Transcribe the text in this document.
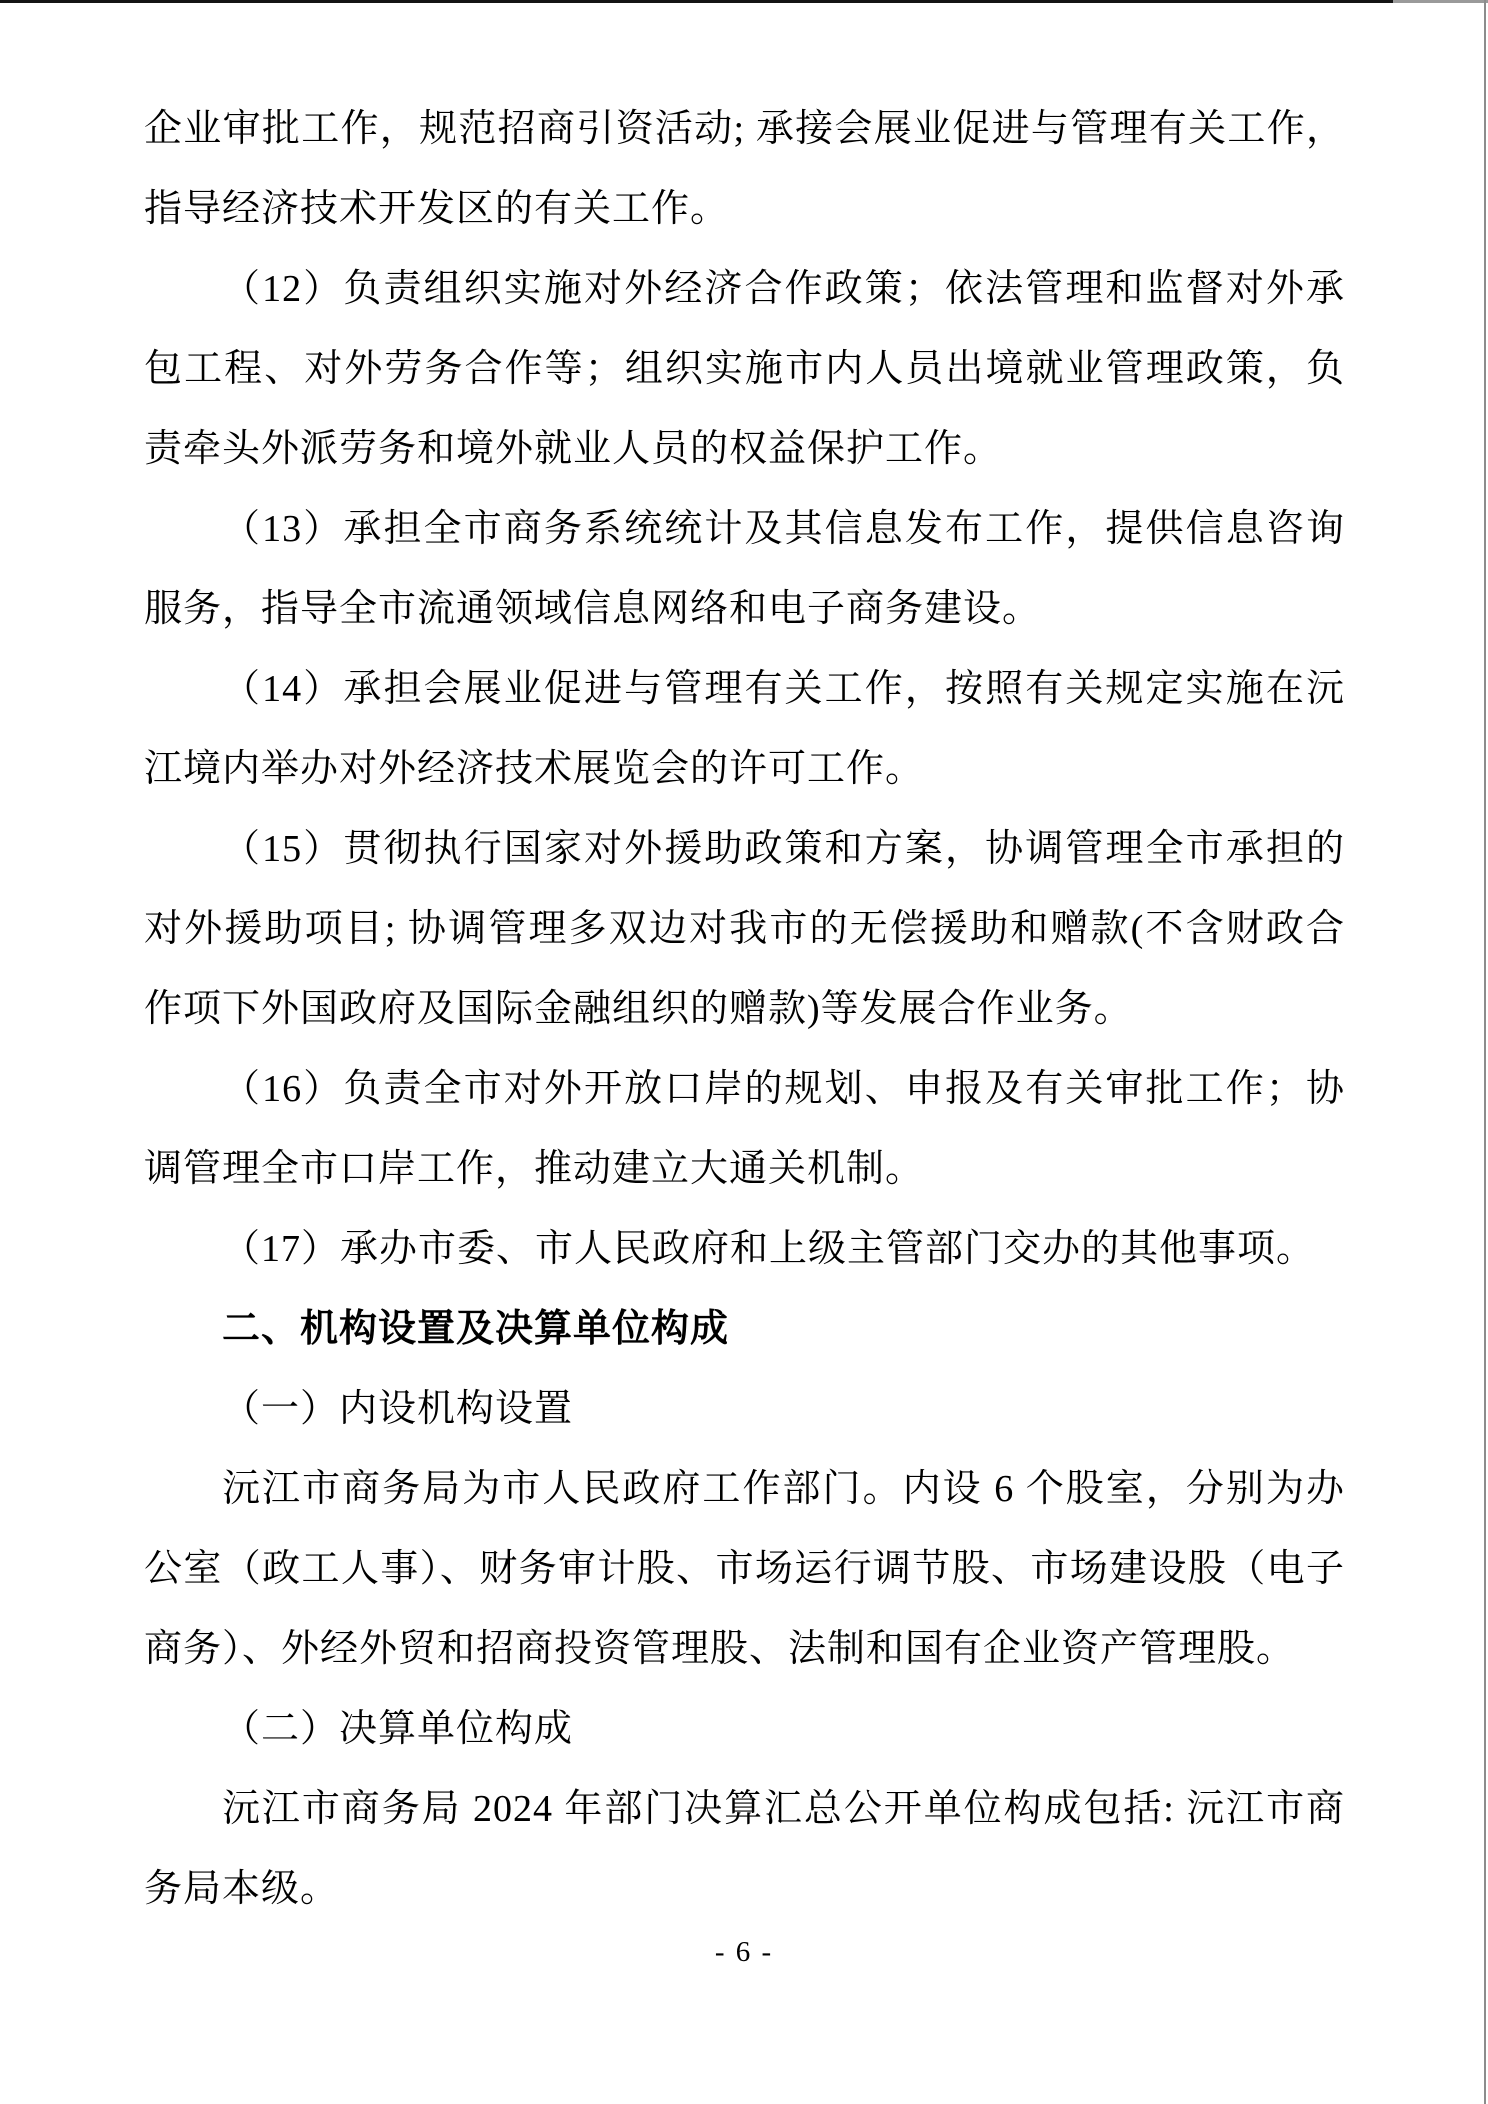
企业审批工作，规范招商引资活动; 承接会展业促进与管理有关工作，指导经济技术开发区的有关工作。

（12）负责组织实施对外经济合作政策；依法管理和监督对外承包工程、对外劳务合作等；组织实施市内人员出境就业管理政策，负责牵头外派劳务和境外就业人员的权益保护工作。

（13）承担全市商务系统统计及其信息发布工作，提供信息咨询服务，指导全市流通领域信息网络和电子商务建设。

（14）承担会展业促进与管理有关工作，按照有关规定实施在沅江境内举办对外经济技术展览会的许可工作。

（15）贯彻执行国家对外援助政策和方案，协调管理全市承担的对外援助项目; 协调管理多双边对我市的无偿援助和赠款(不含财政合作项下外国政府及国际金融组织的赠款)等发展合作业务。

（16）负责全市对外开放口岸的规划、申报及有关审批工作；协调管理全市口岸工作，推动建立大通关机制。

（17）承办市委、市人民政府和上级主管部门交办的其他事项。

二、机构设置及决算单位构成

（一）内设机构设置

沅江市商务局为市人民政府工作部门。内设 6 个股室，分别为办公室（政工人事）、财务审计股、市场运行调节股、市场建设股（电子商务）、外经外贸和招商投资管理股、法制和国有企业资产管理股。

（二）决算单位构成

沅江市商务局 2024 年部门决算汇总公开单位构成包括: 沅江市商务局本级。

- 6 -
